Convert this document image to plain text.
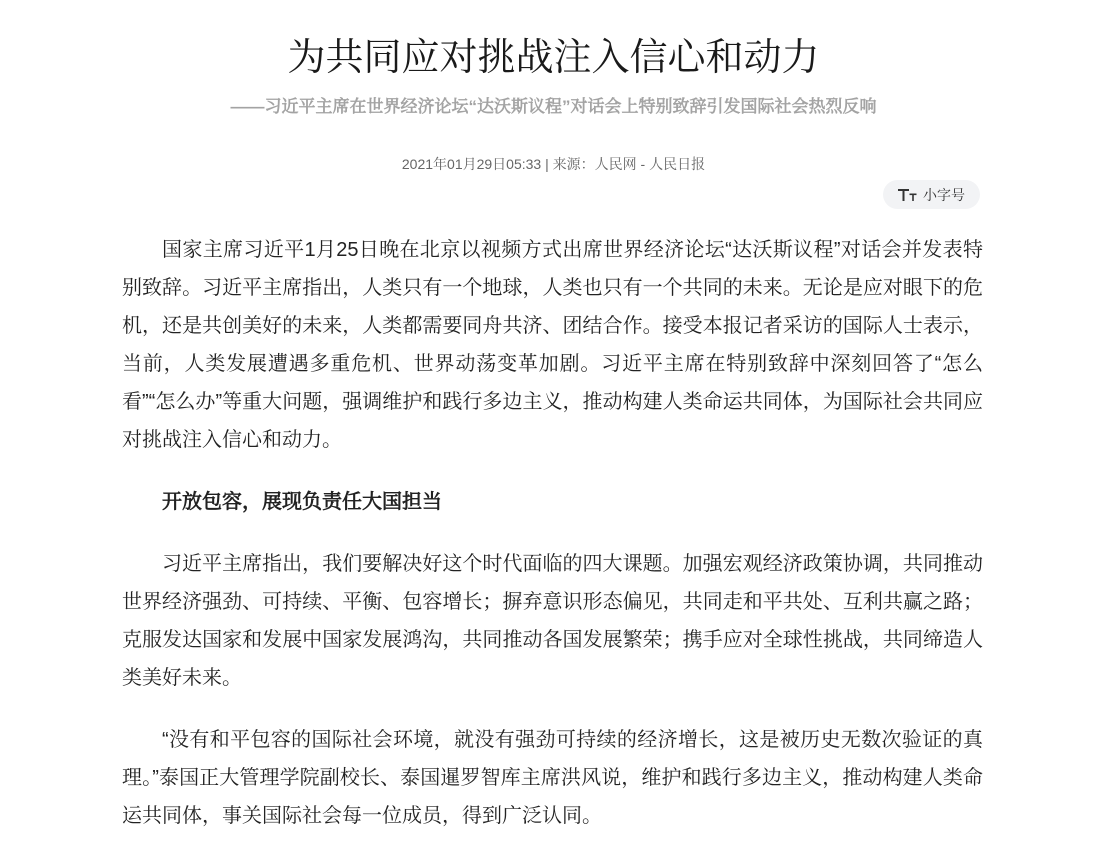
为共同应对挑战注入信心和动力
——习近平主席在世界经济论坛“达沃斯议程”对话会上特别致辞引发国际社会热烈反响
2021年01月29日05:33 | 来源：人民网 - 人民日报
小字号

国家主席习近平1月25日晚在北京以视频方式出席世界经济论坛“达沃斯议程”对话会并发表特别致辞。习近平主席指出，人类只有一个地球，人类也只有一个共同的未来。无论是应对眼下的危机，还是共创美好的未来，人类都需要同舟共济、团结合作。接受本报记者采访的国际人士表示，当前，人类发展遭遇多重危机、世界动荡变革加剧。习近平主席在特别致辞中深刻回答了“怎么看”“怎么办”等重大问题，强调维护和践行多边主义，推动构建人类命运共同体，为国际社会共同应对挑战注入信心和动力。

开放包容，展现负责任大国担当

习近平主席指出，我们要解决好这个时代面临的四大课题。加强宏观经济政策协调，共同推动世界经济强劲、可持续、平衡、包容增长；摒弃意识形态偏见，共同走和平共处、互利共赢之路；克服发达国家和发展中国家发展鸿沟，共同推动各国发展繁荣；携手应对全球性挑战，共同缔造人类美好未来。

“没有和平包容的国际社会环境，就没有强劲可持续的经济增长，这是被历史无数次验证的真理。”泰国正大管理学院副校长、泰国暹罗智库主席洪风说，维护和践行多边主义，推动构建人类命运共同体，事关国际社会每一位成员，得到广泛认同。
